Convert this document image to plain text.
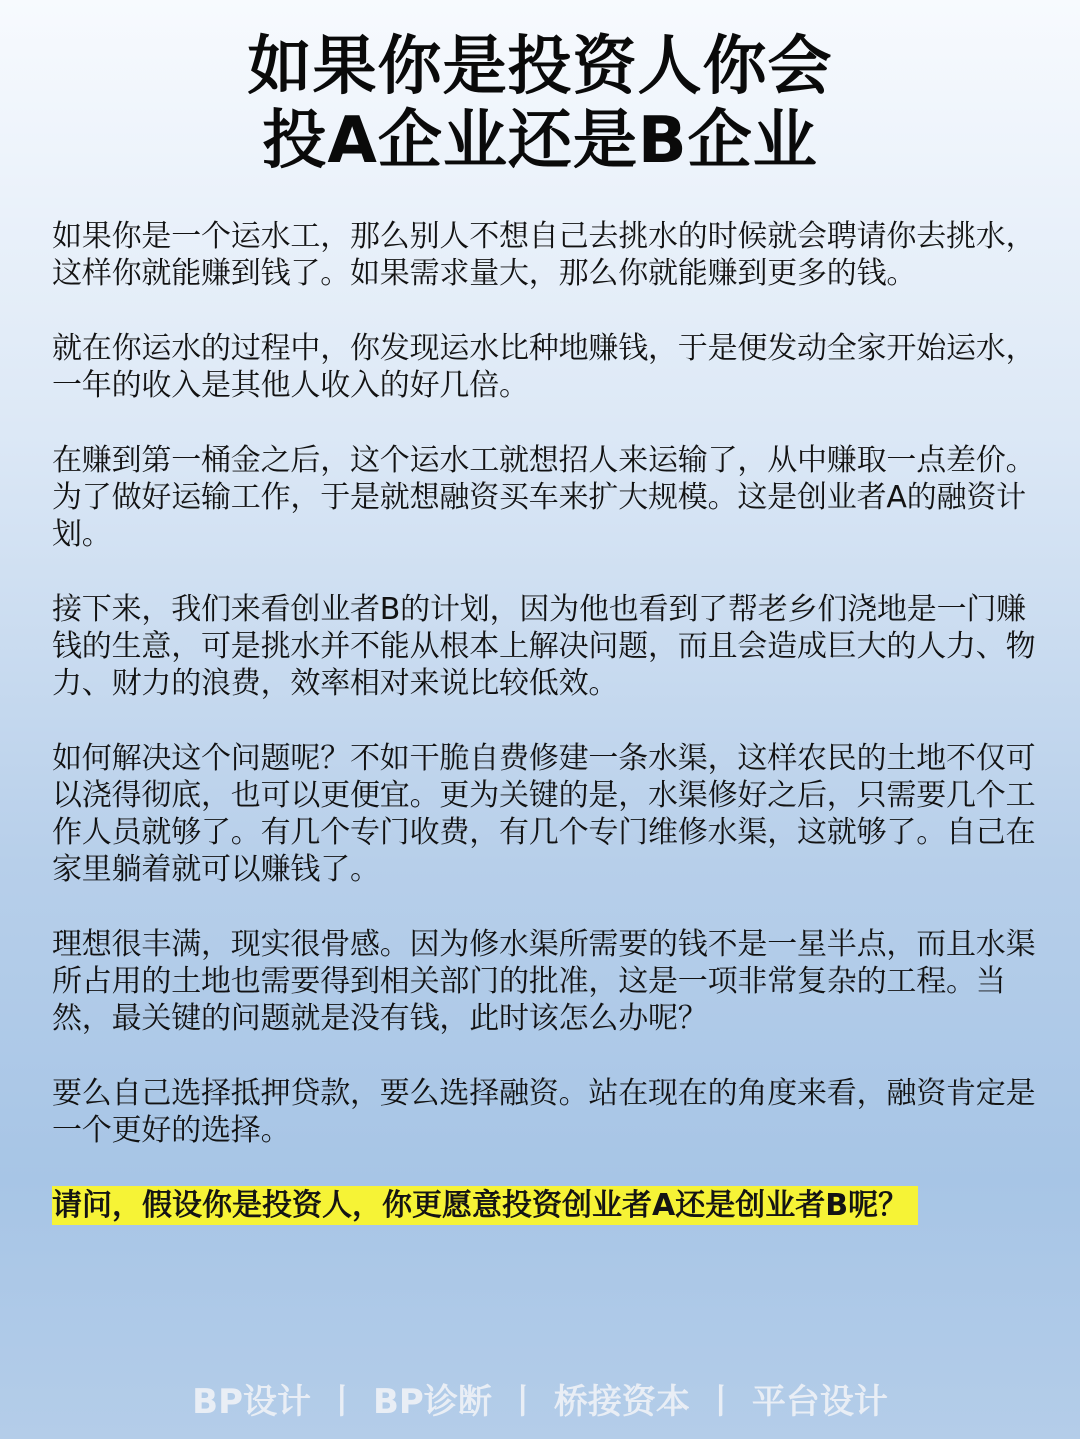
如果你是投资人你会
投A企业还是B企业

如果你是一个运水工，那么别人不想自己去挑水的时候就会聘请你去挑水，这样你就能赚到钱了。如果需求量大，那么你就能赚到更多的钱。

就在你运水的过程中，你发现运水比种地赚钱，于是便发动全家开始运水，一年的收入是其他人收入的好几倍。

在赚到第一桶金之后，这个运水工就想招人来运输了，从中赚取一点差价。为了做好运输工作，于是就想融资买车来扩大规模。这是创业者A的融资计划。

接下来，我们来看创业者B的计划，因为他也看到了帮老乡们浇地是一门赚钱的生意，可是挑水并不能从根本上解决问题，而且会造成巨大的人力、物力、财力的浪费，效率相对来说比较低效。

如何解决这个问题呢？不如干脆自费修建一条水渠，这样农民的土地不仅可以浇得彻底，也可以更便宜。更为关键的是，水渠修好之后，只需要几个工作人员就够了。有几个专门收费，有几个专门维修水渠，这就够了。自己在家里躺着就可以赚钱了。

理想很丰满，现实很骨感。因为修水渠所需要的钱不是一星半点，而且水渠所占用的土地也需要得到相关部门的批准，这是一项非常复杂的工程。当然，最关键的问题就是没有钱，此时该怎么办呢？

要么自己选择抵押贷款，要么选择融资。站在现在的角度来看，融资肯定是一个更好的选择。

请问，假设你是投资人，你更愿意投资创业者A还是创业者B呢？
BP设计 丨 BP诊断 丨 桥接资本 丨 平台设计
